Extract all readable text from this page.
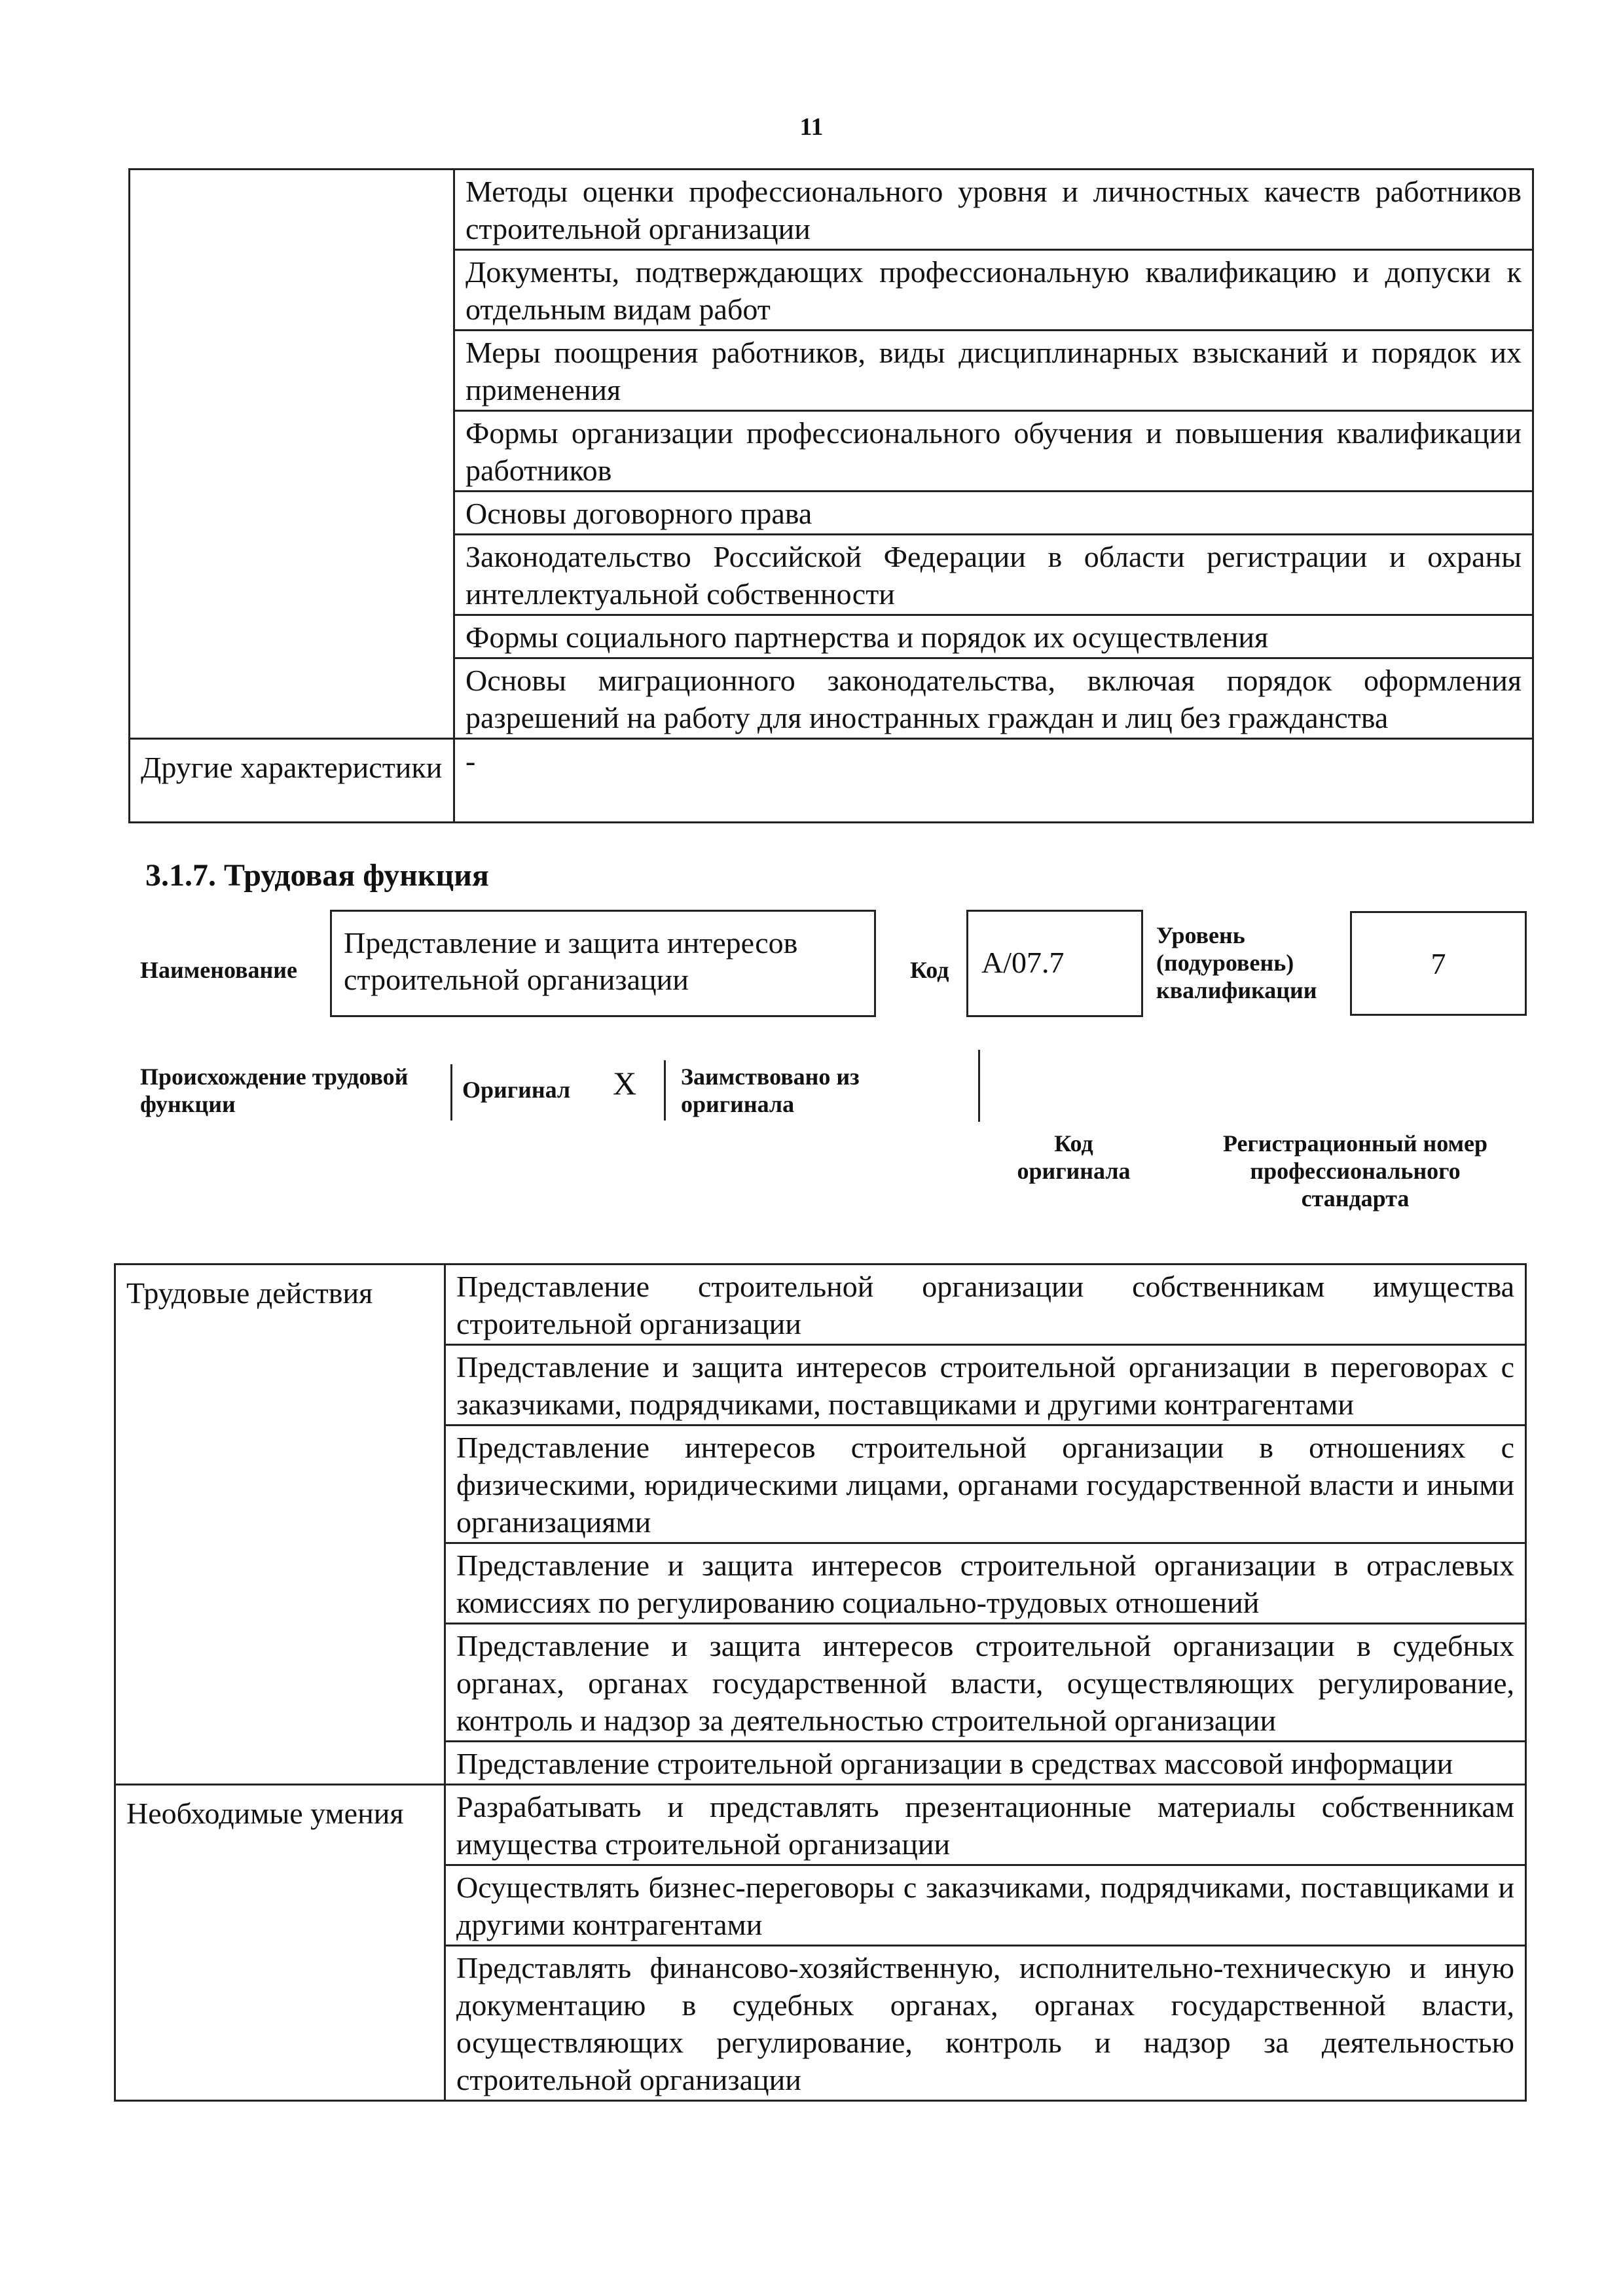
11
	Методы оценки профессионального уровня и личностных качеств работников строительной организации
	Документы, подтверждающих профессиональную квалификацию и допуски к отдельным видам работ
	Меры поощрения работников, виды дисциплинарных взысканий и порядок их применения
	Формы организации профессионального обучения и повышения квалификации работников
	Основы договорного права
	Законодательство Российской Федерации в области регистрации и охраны интеллектуальной собственности
	Формы социального партнерства и порядок их осуществления
	Основы миграционного законодательства, включая порядок оформления разрешений на работу для иностранных граждан и лиц без гражданства
Другие характеристики	-
3.1.7. Трудовая функция
Наименование
Представление и защита интересов строительной организации	Код	А/07.7
Уровень (подуровень) квалификации
7
Происхождение трудовой функции
Оригинал X Заимствовано из оригинала
Код оригинала
Регистрационный номер профессионального стандарта
Трудовые действия	Представление строительной организации собственникам имущества строительной организации
	Представление и защита интересов строительной организации в переговорах с заказчиками, подрядчиками, поставщиками и другими контрагентами
	Представление интересов строительной организации в отношениях с физическими, юридическими лицами, органами государственной власти и иными организациями
	Представление и защита интересов строительной организации в отраслевых комиссиях по регулированию социально-трудовых отношений
	Представление и защита интересов строительной организации в судебных органах, органах государственной власти, осуществляющих регулирование, контроль и надзор за деятельностью строительной организации
	Представление строительной организации в средствах массовой информации
Необходимые умения	Разрабатывать и представлять презентационные материалы собственникам имущества строительной организации
	Осуществлять бизнес-переговоры с заказчиками, подрядчиками, поставщиками и другими контрагентами
	Представлять финансово-хозяйственную, исполнительно-техническую и иную документацию в судебных органах, органах государственной власти, осуществляющих регулирование, контроль и надзор за деятельностью строительной организации
